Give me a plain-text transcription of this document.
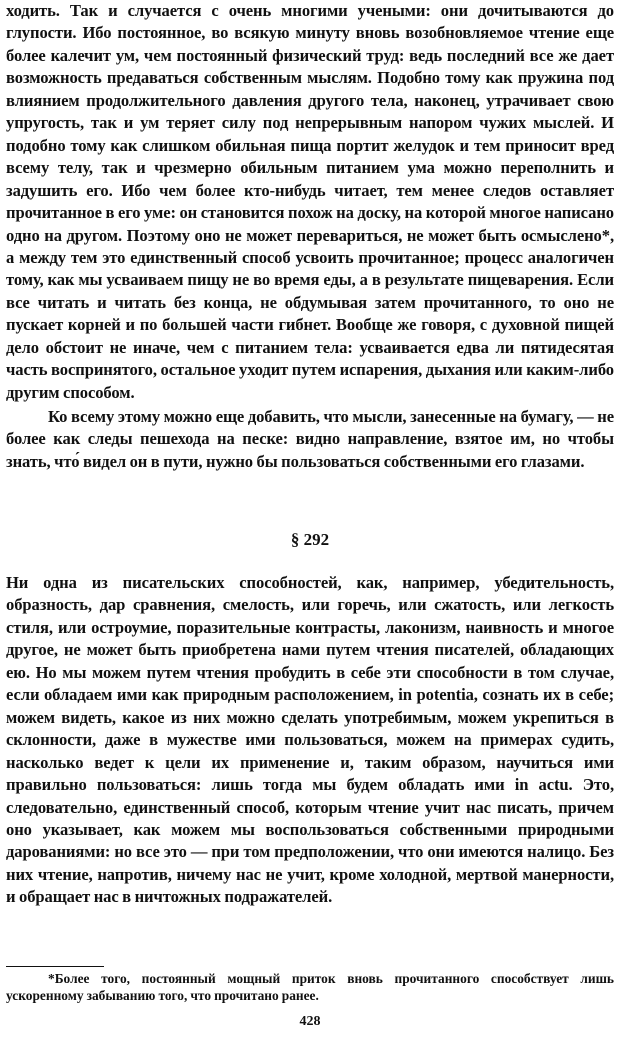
ходить. Так и случается с очень многими учеными: они дочитываются до глупости. Ибо постоянное, во всякую минуту вновь возобновляемое чтение еще более калечит ум, чем постоянный физический труд: ведь последний все же дает возможность предаваться собственным мыслям. Подобно тому как пружина под влиянием продолжительного давления другого тела, наконец, утрачивает свою упругость, так и ум теряет силу под непрерывным напором чужих мыслей. И подобно тому как слишком обильная пища портит желудок и тем приносит вред всему телу, так и чрезмерно обильным питанием ума можно переполнить и задушить его. Ибо чем более кто-нибудь читает, тем менее следов оставляет прочитанное в его уме: он становится похож на доску, на которой многое написано одно на другом. Поэтому оно не может перевариться, не может быть осмыслено*, а между тем это единственный способ усвоить прочитанное; процесс аналогичен тому, как мы усваиваем пищу не во время еды, а в результате пищеварения. Если все читать и читать без конца, не обдумывая затем прочитанного, то оно не пускает корней и по большей части гибнет. Вообще же говоря, с духовной пищей дело обстоит не иначе, чем с питанием тела: усваивается едва ли пятидесятая часть воспринятого, остальное уходит путем испарения, дыхания или каким-либо другим способом.

Ко всему этому можно еще добавить, что мысли, занесенные на бумагу, — не более как следы пешехода на песке: видно направление, взятое им, но чтобы знать, что́ видел он в пути, нужно бы пользоваться собственными его глазами.

§ 292

Ни одна из писательских способностей, как, например, убедительность, образность, дар сравнения, смелость, или горечь, или сжатость, или легкость стиля, или остроумие, поразительные контрасты, лаконизм, наивность и многое другое, не может быть приобретена нами путем чтения писателей, обладающих ею. Но мы можем путем чтения пробудить в себе эти способности в том случае, если обладаем ими как природным расположением, in potentia, сознать их в себе; можем видеть, какое из них можно сделать употребимым, можем укрепиться в склонности, даже в мужестве ими пользоваться, можем на примерах судить, насколько ведет к цели их применение и, таким образом, научиться ими правильно пользоваться: лишь тогда мы будем обладать ими in actu. Это, следовательно, единственный способ, которым чтение учит нас писать, причем оно указывает, как можем мы воспользоваться собственными природными дарованиями: но все это — при том предположении, что они имеются налицо. Без них чтение, напротив, ничему нас не учит, кроме холодной, мертвой манерности, и обращает нас в ничтожных подражателей.

*Более того, постоянный мощный приток вновь прочитанного способствует лишь ускоренному забыванию того, что прочитано ранее.

428
